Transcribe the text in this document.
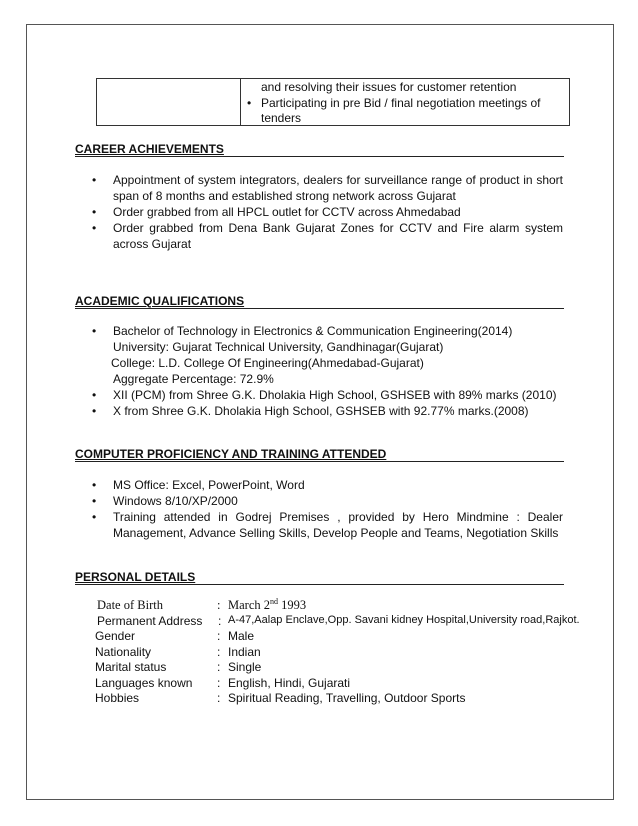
and resolving their issues for customer retention
• Participating in pre Bid / final negotiation meetings of
tenders
CAREER ACHIEVEMENTS
• Appointment of system integrators, dealers for surveillance range of product in short span of 8 months and established strong network across Gujarat
• Order grabbed from all HPCL outlet for CCTV across Ahmedabad
• Order grabbed from Dena Bank Gujarat Zones for CCTV and Fire alarm system across Gujarat
ACADEMIC QUALIFICATIONS
• Bachelor of Technology in Electronics & Communication Engineering(2014)
University: Gujarat Technical University, Gandhinagar(Gujarat)
College: L.D. College Of Engineering(Ahmedabad-Gujarat)
Aggregate Percentage: 72.9%
• XII (PCM) from Shree G.K. Dholakia High School, GSHSEB with 89% marks (2010)
• X from Shree G.K. Dholakia High School, GSHSEB with 92.77% marks.(2008)
COMPUTER PROFICIENCY AND TRAINING ATTENDED
• MS Office: Excel, PowerPoint, Word
• Windows 8/10/XP/2000
• Training attended in Godrej Premises , provided by Hero Mindmine : Dealer Management, Advance Selling Skills, Develop People and Teams, Negotiation Skills
PERSONAL DETAILS
Date of Birth	: March 2nd 1993
Permanent Address : A-47,Aalap Enclave,Opp. Savani kidney Hospital,University road,Rajkot.
Gender	: Male
Nationality	: Indian
Marital status	: Single
Languages known : English, Hindi, Gujarati
Hobbies	: Spiritual Reading, Travelling, Outdoor Sports
